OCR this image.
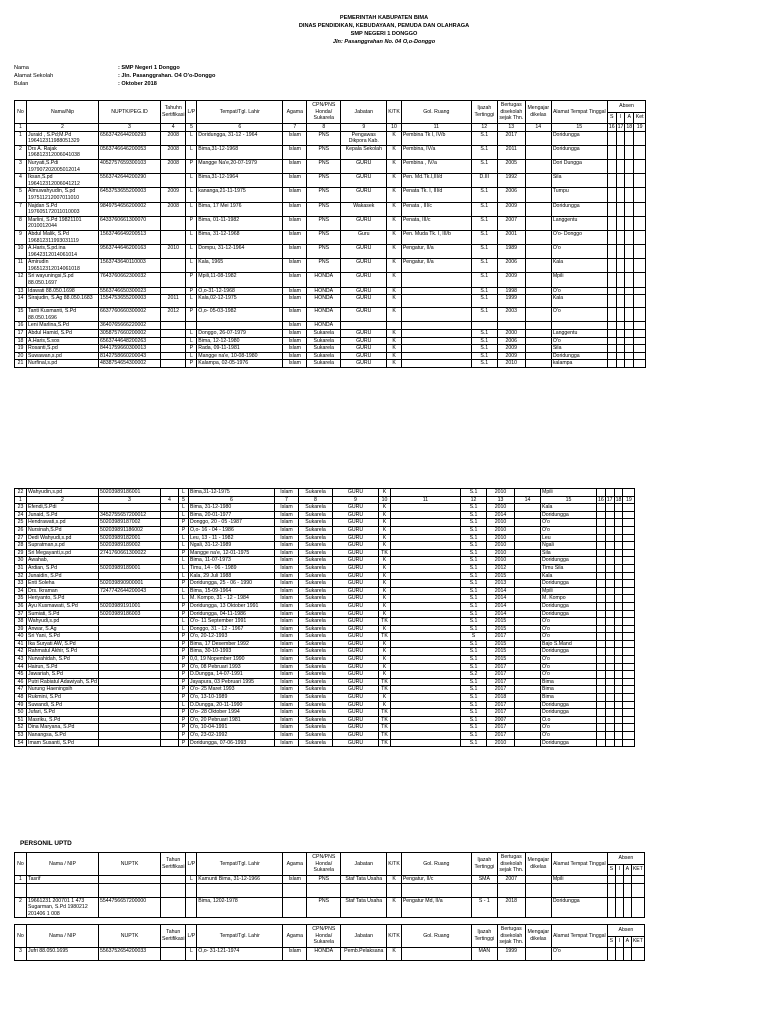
PEMERINTAH KABUPATEN BIMA
DINAS PENDIDIKAN, KEBUDAYAAN, PEMUDA DAN OLAHRAGA
SMP NEGERI 1 DONGGO
Jln: Pasanggrahan No. 04 O,o-Donggo
Nama	: SMP Negeri 1 Donggo
Alamat Sekolah	: Jln. Pasanggrahan. O4 O'o-Donggo
Bulan	: Oktober 2018
No	Nama/Nip	NUPTK/PEG.ID	Tahuhn Sertifikasi	L/P	Tempat/Tgl. Lahir	Agama	CPN/PNS Honda/ Sukarela	Jabatan	K/TK	Gol. Ruang	Ijazah Tertinggi	Bertugas disekolah sejak Thn.	Mengajar dikelas	Alamat Tempat Tinggal	Absen			
															S	I	A	Ket
1	2	3	4	5	6	7	8	9	10	11	12	13	14	15	16	17	18	19
1	Juraid , S.Pd;M.Pd 196412311988051329	6563742644200293	2008	L	Doridungga, 31-12 - 1964	Islam	PNS	Pengawas Dikpora Kab.	K	Pembina Tk I, IV/b	S.1	2017		Doridungga				
2	Drs A. Rajak 196812312006041038	0563746646200053	2008	L	Bima,31-12-1968	Islam	PNS	Kepala Sekolah	K	Pembina, IV/a	S.1	2011		Doridungga				
3	Nuryati,S.Pdi 197907202005012014	4052757659300103	2008	P	Mangge Na'e,20-07-1979	Islam	PNS	GURU	K	Pembina , IV/a	S.1	2005		Dori Dungga				
4	Iksan,S.pd 196412312006041212	5563742644200290		L	Bima,31-12-1964	Islam	PNS	GURU	K	Pen. Md.Tk.I,III/d	D.III	1992		Sila				
5	Almuwahyudin, S.pd 197511212007011010	6453753655200003	2009	L	kananga,21-11-1975	Islam	PNS	GURU	K	Penata Tk. I, III/d	S.1	2006		Tumpu				
7	Najdan S.Pd 197605172011010003	9849754656200002	2008	L	Bima, 17 Mei 1976	Islam	PNS	Wakasek	K	Penata , III/c	S.1	2009		Doridungga				
8	Marlini, S.Pd 19821101 2010012044	6433760661300070		P	Bima, 01-11-1982	Islam	PNS	GURU	K	Penata, III/c	S.1	2007		Langgentu				
9	Abdul Malik, S.Pd 196812311993031119	1563746649200513		L	Bima, 31-12-1968	Islam	PNS	Guru	K	Pen. Muda Tk. I, III/b	S.1	2001		O'o- Donggo				
10	A.Haris,S.pd.ina 19642312014061014	9563744646200163	2010	L	Dompu, 31-12-1964	Islam	PNS	GURU	K	Pengatur, II/a	S.1	1989		O'o				
11	Amirudin 196512312014061018	1563743640110003		L	Kala, 1965	Islam	PNS	GURU	K	Pengatur, II/a	S.1	2006		Kala				
12	Sri wayuningsi,S.pd 88.050.1697	7643760662300032		P	Mpili,11-08-1982	Islam	HONDA	GURU	K		S.1	2009		Mpili				
13	Idawati 88.050.1698	5563746650300023		P	O,o-31-12-1968	Islam	HONDA	GURU	K		S.1	1998		O'o				
14	Sirajudin, S.Ag 88.050.1683	1554753655200003	2011	L	Kala,02-12-1975	Islam	HONDA	GURU	K		S.1	1999		Kala				
15	Tanti Kusmanti, S.Pd 88.050.1696	6637760660300002	2012	P	O,o- 05-03-1982	Islam	HONDA	GURU	K		S.1	2003		O'o				
16	Leni Marlina,S.Pd	3640765666220002				Islam	HONDA											
17	Abdul Hamid, S.Pd	3058757660200002		L	Donggo, 26-07-1979	Islam	Sukarela	GURU	K		S.1	2000		Langgentu				
18	A.Haris,S.sos	6563744648200263		L	Bima, 12-12-1980	Islam	Sukarela	GURU	K		S.1	2006		O'o				
19	Rosanti,S.pd	8441759660300013		P	Rada, 09-11-1981	Islam	Sukarela	GURU	K		S.1	2009		Sila				
20	Suwawan,s.pd	8142758660200043		L	Mangge na'e, 10-08-1980	Islam	Sukarela	GURU	K		S.1	2009		Doridungga				
21	Nurfinal,s.pd	4838754654300002		P	Kalampa, 02-05-1976	Islam	Sukarela	GURU	K		S.1	2010		kalampa				
22	Wahyudin,s.pd	50203989186001		L	Bima,31-12-1975	Islam	Sukarela	GURU	K		S.1	2010		Mpili				
1	2	3	4	5	6	7	8	9	10	11	12	13	14	15	16	17	18	19
23	Efendi,S.Pdi			L	Bima, 31-12-1980	Islam	Sukarela	GURU	K		S.1	2010		Kala				
24	Junaid, S.Pd	3452755657200012		L	Bima, 20-01-1977	Islam	Sukarela	GURU	K		S.1	2014		Doridungga				
25	Hendrawati,s.pd	50203989187002		P	Donggo, 20 - 05 -1987	Islam	Sukarela	GURU	K		S.1	2010		O'o				
26	Nursinah,S.Pd	502039891186002		P	O,o- 16 - 04 - 1986	Islam	Sukarela	GURU	K		S.1	2010		O'o				
27	Dedi Wahyudi,s.pd	50203989182001		L	Leu, 13 - 11 - 1982	Islam	Sukarela	GURU	K		S.1	2010		Leu				
28	Supratman,s.pd	50203989189002		L	Ngali, 31-12-1989	Islam	Sukarela	GURU	K		S.1	2010		Ngali				
29	Sri Megayanti,s.pd	2741760661300022		P	Mangge na'e, 12-01-1975	Islam	Sukarela	GURU	TK		S.1	2010		Sila				
30	Awahab,			L	Bima, 11-07-1973	Islam	Sukarela	GURU	K		S.1	2010		Doridungga				
31	Ardian, S.Pd	50203989189001		L	Timu, 14 - 06 - 1989	Islam	Sukarela	GURU	K		S.1	2012		Timu Sila				
32	Junaidin, S.Pd			L	Kala, 29 Juli 1988	Islam	Sukarela	GURU	K		S.1	2015		Kala				
33	Enti Soleha	502039890900001		P	Doridungga, 25 - 06 - 1990	Islam	Sukarela	GURU	K		S.1	2013		Doridungga				
34	Drs. Ikraman	7247742644200043		L	Bima, 15-09-1964	Islam	Sukarela	GURU	K		S.1	2014		Mpili				
35	Heriyanto, S.Pd			L	M. Kompo, 31 - 12 - 1984	Islam	Sukarela	GURU	K		S.1	2014		M. Kompo				
36	Ayu Kusmawati, S.Pd	50203989191001		P	Doridungga, 13 Oktober 1991	Islam	Sukarela	GURU	K		S.1	2014		Doridungga				
37	Sumiati, S.Pd	50203989186003		P	Doridungga, 04-11-1986	Islam	Sukarela	GURU	K		S.1	2014		Doridungga				
38	Wahyudi,s.pd			L	O'o- 11 September 1991	Islam	Sukarela	GURU	TK		S.1	2015		O'o				
39	Anwar, S.Ag			L	Donggo, 31 - 12 - 1967	Islam	Sukarela	GURU	K		S.1	2015		O'o				
40	Sri Yani, S.Pd			P	O'o, 20-12-1993	Islam	Sukarela	GURU	TK		S	2017		O'o				
41	Ika Suryati AW, S.Pd			P	Bima, 17 Desember 1992	Islam	Sukarela	GURU	K		S.1	2015		Bajo S.Mand				
42	Rahmatul Akhir, S.Pd			P	Bima, 30-10-1993	Islam	Sukarela	GURU	K		S.1	2015		Doridungga				
43	Nurwahidah, S.Pd			P	0,0, 19 Nopember 1990	Islam	Sukarela	GURU	K		S.1	2015		O'o				
44	Hairun, S.Pd			P	O'o, 08 Pebruari 1993	Islam	Sukarela	GURU	K		S.1	2017		O'o				
45	Jawariah, S.Pd			P	D.Dungga, 14-07-1991	Islam	Sukarela	GURU	K		S.2	2017		O'o				
46	Putri Rabiatul Adawiyah, S.Pd			P	Jayapura, 03 Pebruari 1995	Islam	Sukarela	GURU	TK		S.1	2017		Bima				
47	Nurung Haeningsih			P	O'o- 25 Maret 1993	Islam	Sukarela	GURU	TK		S.1	2017		Bima				
48	Rukmini, S.Pd			P	O'o, 13-10-1989	Islam	Sukarela	GURU	K		S.1	2018		Bima				
49	Suwandi, S.Pd			L	D.Dungga, 20-11-1990	Islam	Sukarela	GURU	K		S.1	2017		Doridungga				
50	Jufari, S.Pd			P	O'o- 28 Oktober 1994	Islam	Sukarela	GURU	TK		S.1	2017		Doridungga				
51	Masriku, S.Pd			P	O'o, 20 Pebruari 1981	Islam	Sukarela	GURU	TK		S.1	2007		O.o				
52	Dina Maryana, S.Pd			P	O'o, 10-04-1991	Islam	Sukarela	GURU	TK		S.1	2017		O'o				
53	Nanangsa, S.Pd			P	O'o, 23-02-1992	Islam	Sukarela	GURU	TK		S.1	2017		O'o				
54	Imam Susanti, S.Pd			P	Doridungga, 07-06-1993	Islam	Sukarela	GURU	TK		S.1	2010		Doridungga				
PERSONIL UPTD
No	Nama / NIP	NUPTK	Tahun Sertifikasi	L/P	Tempat/Tgl. Lahir	Agama	CPN/PNS Honda/ Sukarela	Jabatan	K/TK	Gol. Ruang	Ijazah Tertinggi	Bertugas disekolah sejak Thn.	Mengajar dikelas	Alamat Tempat Tinggal	Absen			
															S	I	A	KET
1	Tasrif			L	Kamunti Bima, 31-12-1966	Islam	PNS	Staf Tata Usaha	K	Pengatur, II/c	SMA	2007		Mpili				

2	19661231 200701 1 473 Sugarman, S.Pd 1980212 201406 1 008	5544756657200000			Bima, 1202-1978		PNS	Staf Tata Usaha	K	Pengatur Md, II/a	S - 1	2018		Doridungga				
No	Nama / NIP	NUPTK	Tahun Sertifikasi	L/P	Tempat/Tgl. Lahir	Agama	CPN/PNS Honda/ Sukarela	Jabatan	K/TK	Gol. Ruang	Ijazah Tertinggi	Bertugas disekolah sejak Thn.	Mengajar dikelas	Alamat Tempat Tinggal	Absen			
															S	I	A	KET
3	Jufri 88.050.1695	5563752654200033		L	O,o- 31-121-1974	Islam	HONDA	Pemb.Pelaksana	K		MAN	1999		O'o				
